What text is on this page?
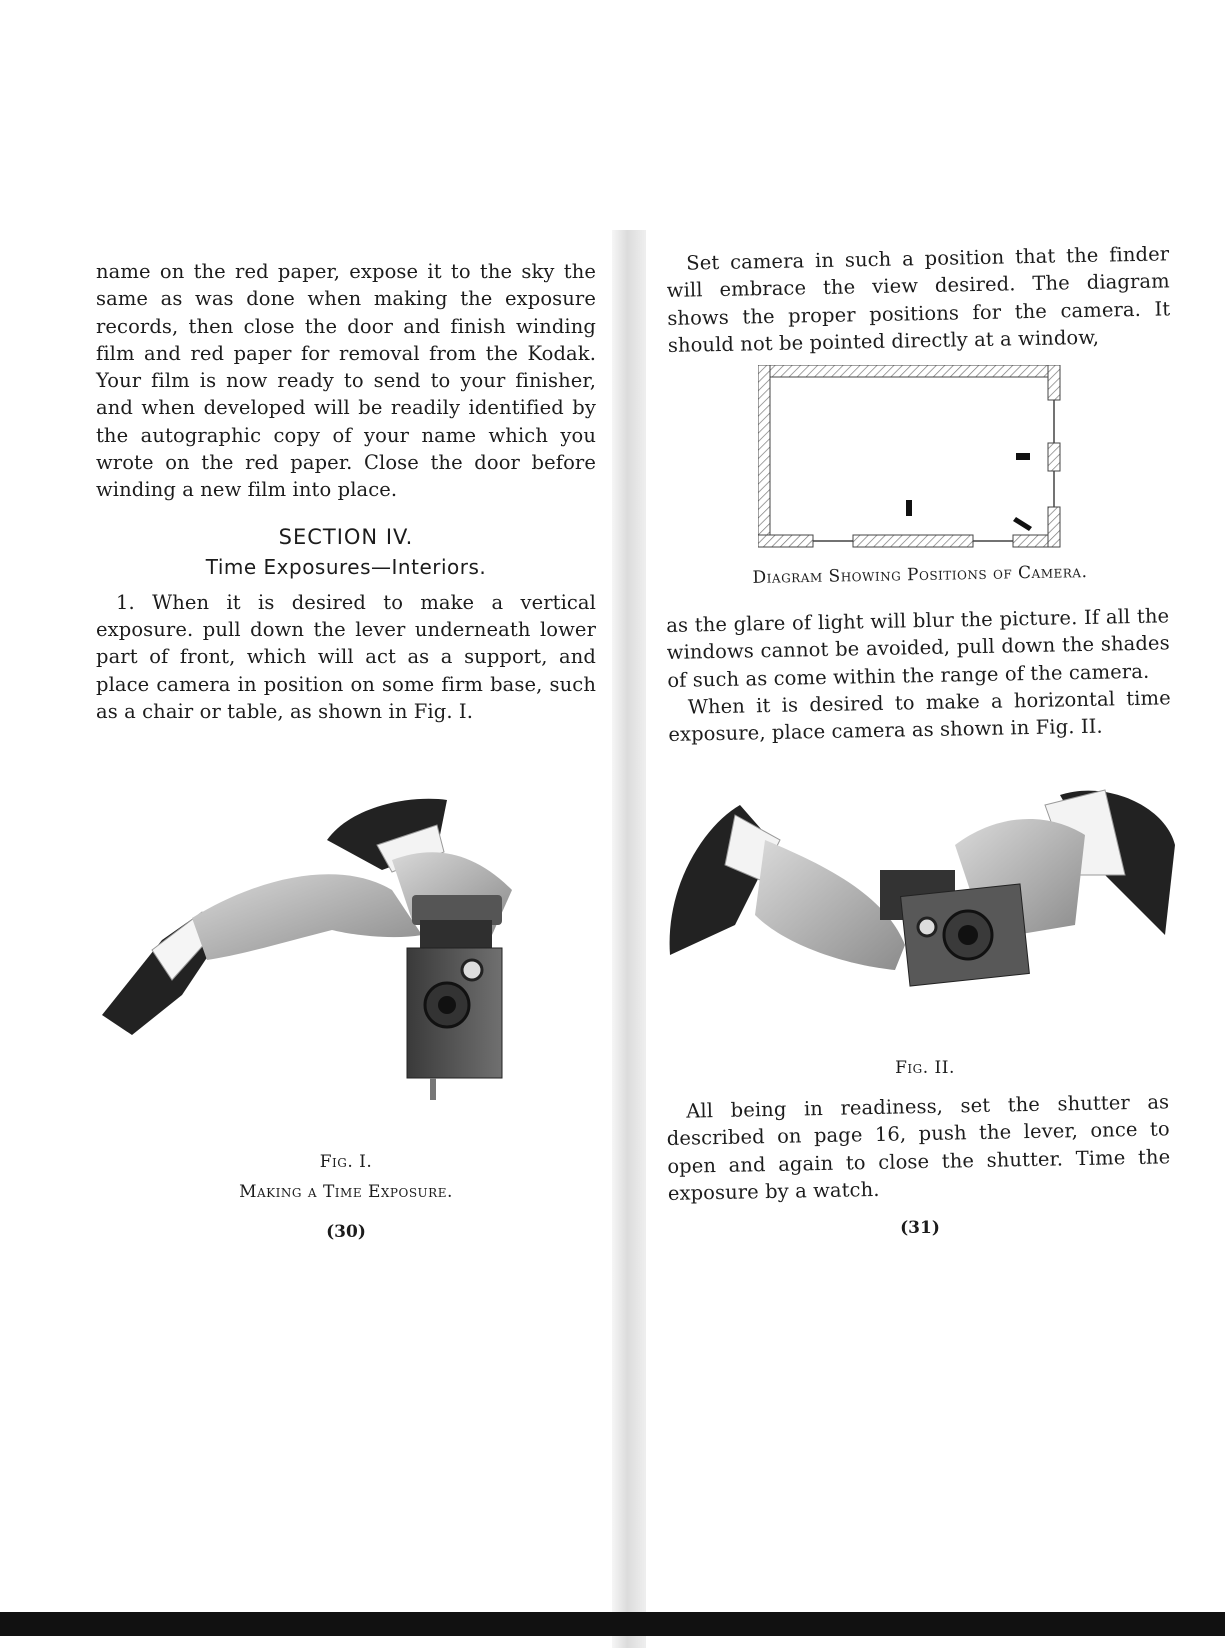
name on the red paper, expose it to the sky the same as was done when making the exposure records, then close the door and finish winding film and red paper for removal from the Kodak. Your film is now ready to send to your finisher, and when developed will be readily identified by the autographic copy of your name which you wrote on the red paper. Close the door before winding a new film into place.

SECTION IV.
Time Exposures—Interiors.

1. When it is desired to make a vertical exposure. pull down the lever underneath lower part of front, which will act as a support, and place camera in position on some firm base, such as a chair or table, as shown in Fig. I.

Fig. I.
Making a Time Exposure.
(30)

Set camera in such a position that the finder will embrace the view desired. The diagram shows the proper positions for the camera. It should not be pointed directly at a window,

Diagram Showing Positions of Camera.

as the glare of light will blur the picture. If all the windows cannot be avoided, pull down the shades of such as come within the range of the camera.

When it is desired to make a horizontal time exposure, place camera as shown in Fig. II.

Fig. II.

All being in readiness, set the shutter as described on page 16, push the lever, once to open and again to close the shutter. Time the exposure by a watch.

(31)
